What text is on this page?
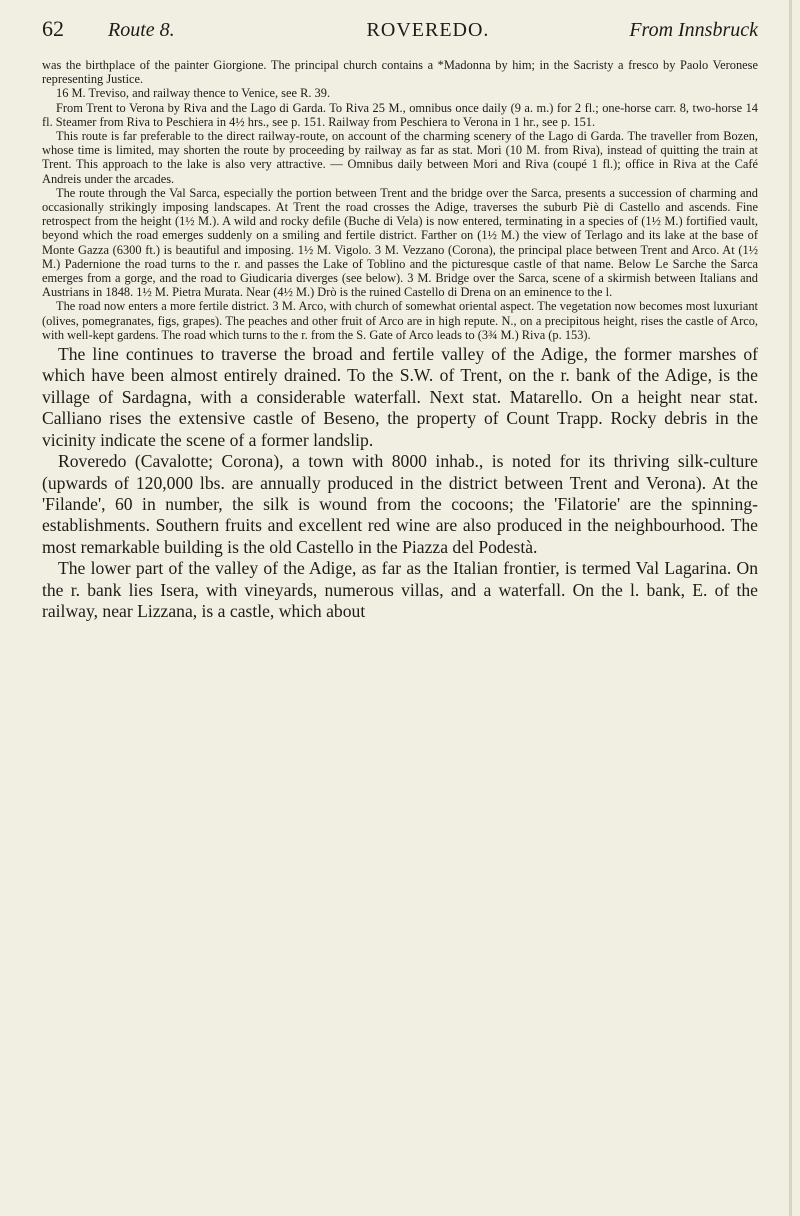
62	Route 8.	ROVEREDO.	From Innsbruck

was the birthplace of the painter Giorgione. The principal church contains a *Madonna by him; in the Sacristy a fresco by Paolo Veronese representing Justice.

16 M. Treviso, and railway thence to Venice, see R. 39.

From Trent to Verona by Riva and the Lago di Garda. To Riva 25 M., omnibus once daily (9 a. m.) for 2 fl.; one-horse carr. 8, two-horse 14 fl. Steamer from Riva to Peschiera in 4½ hrs., see p. 151. Railway from Peschiera to Verona in 1 hr., see p. 151.

This route is far preferable to the direct railway-route, on account of the charming scenery of the Lago di Garda. The traveller from Bozen, whose time is limited, may shorten the route by proceeding by railway as far as stat. Mori (10 M. from Riva), instead of quitting the train at Trent. This approach to the lake is also very attractive. — Omnibus daily between Mori and Riva (coupé 1 fl.); office in Riva at the Café Andreis under the arcades.

The route through the Val Sarca, especially the portion between Trent and the bridge over the Sarca, presents a succession of charming and occasionally strikingly imposing landscapes. At Trent the road crosses the Adige, traverses the suburb Piè di Castello and ascends. Fine retrospect from the height (1½ M.). A wild and rocky defile (Buche di Vela) is now entered, terminating in a species of (1½ M.) fortified vault, beyond which the road emerges suddenly on a smiling and fertile district. Farther on (1½ M.) the view of Terlago and its lake at the base of Monte Gazza (6300 ft.) is beautiful and imposing. 1½ M. Vigolo. 3 M. Vezzano (Corona), the principal place between Trent and Arco. At (1½ M.) Padernione the road turns to the r. and passes the Lake of Toblino and the picturesque castle of that name. Below Le Sarche the Sarca emerges from a gorge, and the road to Giudicaria diverges (see below). 3 M. Bridge over the Sarca, scene of a skirmish between Italians and Austrians in 1848. 1½ M. Pietra Murata. Near (4½ M.) Drò is the ruined Castello di Drena on an eminence to the l.

The road now enters a more fertile district. 3 M. Arco, with church of somewhat oriental aspect. The vegetation now becomes most luxuriant (olives, pomegranates, figs, grapes). The peaches and other fruit of Arco are in high repute. N., on a precipitous height, rises the castle of Arco, with well-kept gardens. The road which turns to the r. from the S. Gate of Arco leads to (3¾ M.) Riva (p. 153).

The line continues to traverse the broad and fertile valley of the Adige, the former marshes of which have been almost entirely drained. To the S.W. of Trent, on the r. bank of the Adige, is the village of Sardagna, with a considerable waterfall. Next stat. Matarello. On a height near stat. Calliano rises the extensive castle of Beseno, the property of Count Trapp. Rocky debris in the vicinity indicate the scene of a former landslip.

Roveredo (Cavalotte; Corona), a town with 8000 inhab., is noted for its thriving silk-culture (upwards of 120,000 lbs. are annually produced in the district between Trent and Verona). At the 'Filande', 60 in number, the silk is wound from the cocoons; the 'Filatorie' are the spinning-establishments. Southern fruits and excellent red wine are also produced in the neighbourhood. The most remarkable building is the old Castello in the Piazza del Podestà.

The lower part of the valley of the Adige, as far as the Italian frontier, is termed Val Lagarina. On the r. bank lies Isera, with vineyards, numerous villas, and a waterfall. On the l. bank, E. of the railway, near Lizzana, is a castle, which about
